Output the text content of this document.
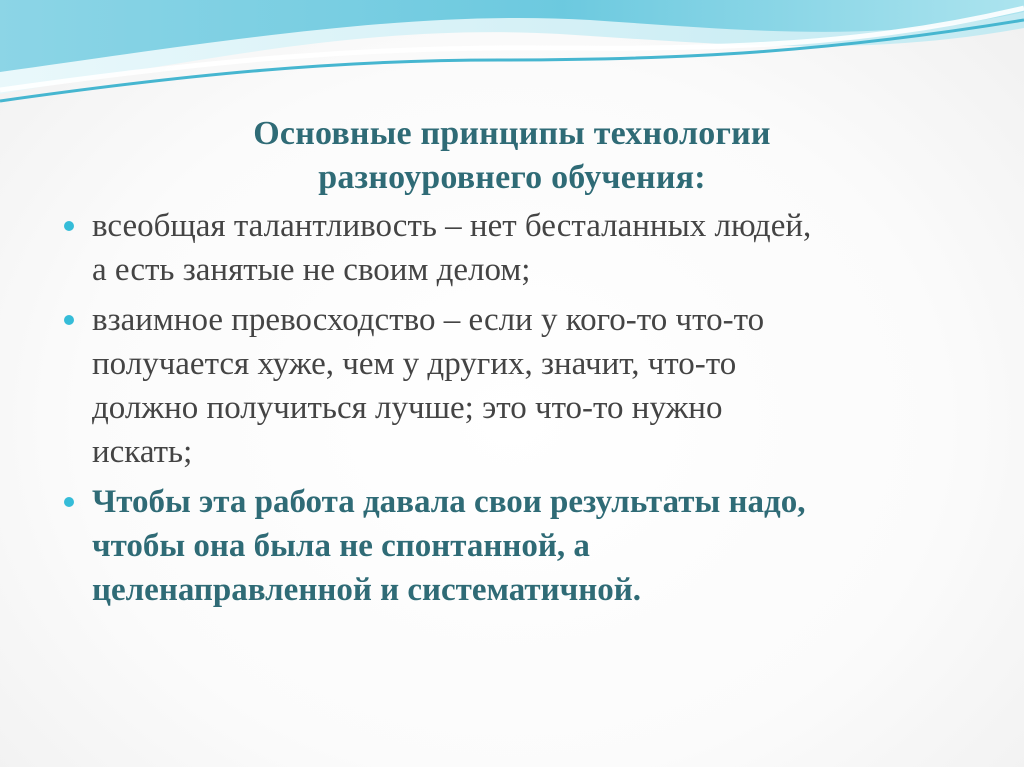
Основные принципы технологии
разноуровнего обучения:
всеобщая талантливость – нет бесталанных людей,
а есть занятые не своим делом;
взаимное превосходство – если у кого-то что-то
получается хуже, чем у других, значит, что-то
должно получиться лучше; это что-то нужно
искать;
Чтобы эта работа давала свои результаты надо,
чтобы она была не спонтанной, а
целенаправленной и систематичной.
